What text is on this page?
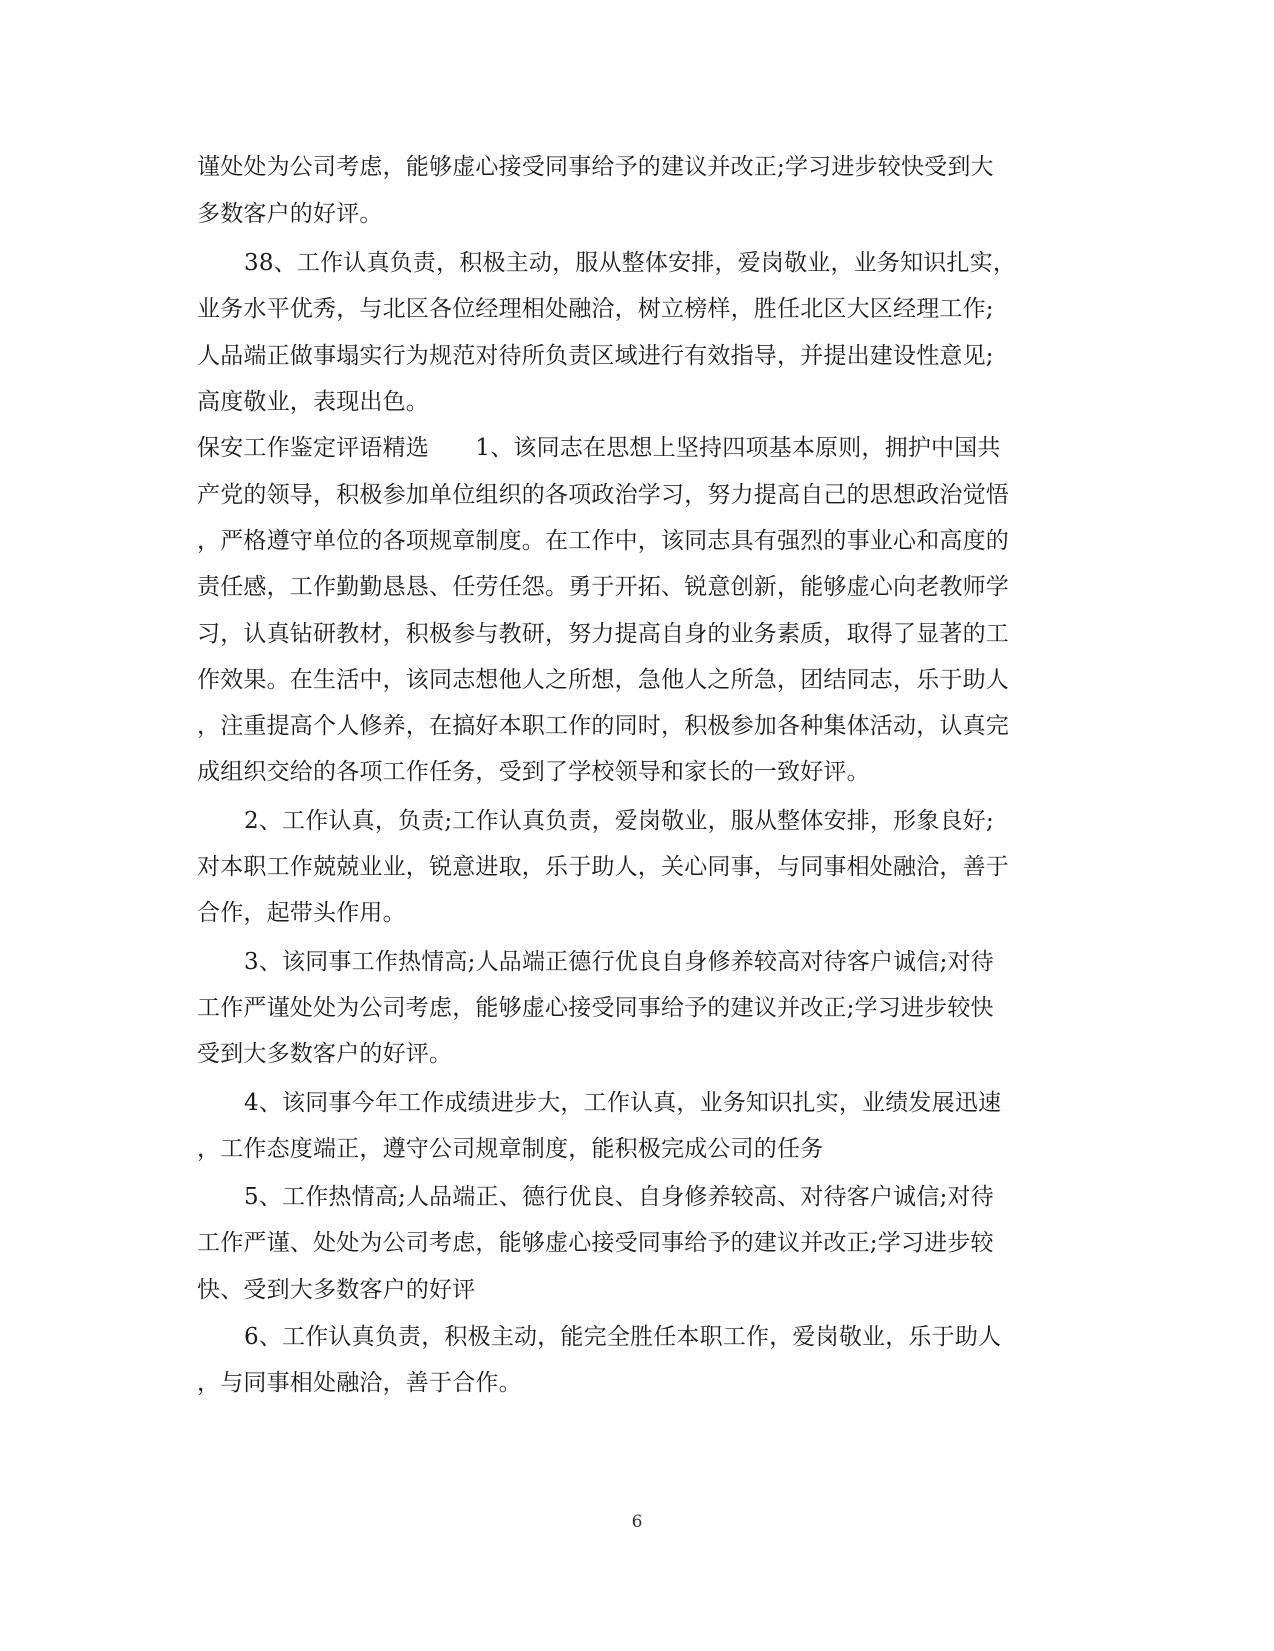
谨处处为公司考虑，能够虚心接受同事给予的建议并改正;学习进步较快受到大
多数客户的好评。
38、工作认真负责，积极主动，服从整体安排，爱岗敬业，业务知识扎实，
业务水平优秀，与北区各位经理相处融洽，树立榜样，胜任北区大区经理工作;
人品端正做事塌实行为规范对待所负责区域进行有效指导，并提出建设性意见;
高度敬业，表现出色。
保安工作鉴定评语精选　　1、该同志在思想上坚持四项基本原则，拥护中国共
产党的领导，积极参加单位组织的各项政治学习，努力提高自己的思想政治觉悟
，严格遵守单位的各项规章制度。在工作中，该同志具有强烈的事业心和高度的
责任感，工作勤勤恳恳、任劳任怨。勇于开拓、锐意创新，能够虚心向老教师学
习，认真钻研教材，积极参与教研，努力提高自身的业务素质，取得了显著的工
作效果。在生活中，该同志想他人之所想，急他人之所急，团结同志，乐于助人
，注重提高个人修养，在搞好本职工作的同时，积极参加各种集体活动，认真完
成组织交给的各项工作任务，受到了学校领导和家长的一致好评。
2、工作认真，负责;工作认真负责，爱岗敬业，服从整体安排，形象良好;
对本职工作兢兢业业，锐意进取，乐于助人，关心同事，与同事相处融洽，善于
合作，起带头作用。
3、该同事工作热情高;人品端正德行优良自身修养较高对待客户诚信;对待
工作严谨处处为公司考虑，能够虚心接受同事给予的建议并改正;学习进步较快
受到大多数客户的好评。
4、该同事今年工作成绩进步大，工作认真，业务知识扎实，业绩发展迅速
，工作态度端正，遵守公司规章制度，能积极完成公司的任务
5、工作热情高;人品端正、德行优良、自身修养较高、对待客户诚信;对待
工作严谨、处处为公司考虑，能够虚心接受同事给予的建议并改正;学习进步较
快、受到大多数客户的好评
6、工作认真负责，积极主动，能完全胜任本职工作，爱岗敬业，乐于助人
，与同事相处融洽，善于合作。
6
